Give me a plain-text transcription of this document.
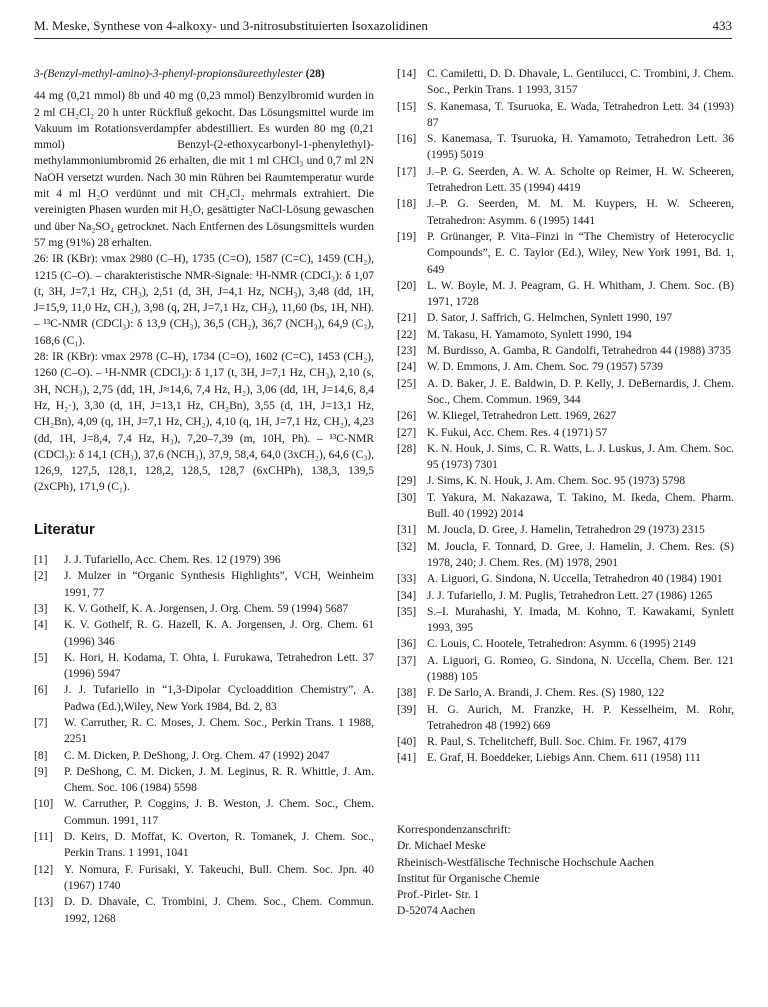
M. Meske, Synthese von 4-alkoxy- und 3-nitrosubstituierten Isoxazolidinen	433

3-(Benzyl-methyl-amino)-3-phenyl-propionsäureethylester (28)

44 mg (0,21 mmol) 8b und 40 mg (0,23 mmol) Benzylbromid wurden in 2 ml CH₂Cl₂ 20 h unter Rückfluß gekocht. Das Lösungsmittel wurde im Vakuum im Rotationsverdampfer abdestilliert. Es wurden 80 mg (0,21 mmol) Benzyl-(2-ethoxycarbonyl-1-phenylethyl)-methylammoniumbromid 26 erhalten, die mit 1 ml CHCl₃ und 0,7 ml 2N NaOH versetzt wurden. Nach 30 min Rühren bei Raumtemperatur wurde mit 4 ml H₂O verdünnt und mit CH₂Cl₂ mehrmals extrahiert. Die vereinigten Phasen wurden mit H₂O, gesättigter NaCl-Lösung gewaschen und über Na₂SO₄ getrocknet. Nach Entfernen des Lösungsmittels wurden 57 mg (91%) 28 erhalten.

26: IR (KBr): νmax 2980 (C–H), 1735 (C=O), 1587 (C=C), 1459 (CH₂), 1215 (C–O). – charakteristische NMR-Signale: ¹H-NMR (CDCl₃): δ 1,07 (t, 3H, J=7,1 Hz, CH₃), 2,51 (d, 3H, J=4,1 Hz, NCH₃), 3,48 (dd, 1H, J=15,9, 11,0 Hz, CH₂), 3,98 (q, 2H, J=7,1 Hz, CH₂), 11,60 (bs, 1H, NH). – ¹³C-NMR (CDCl₃): δ 13,9 (CH₃), 36,5 (CH₂), 36,7 (NCH₃), 64,9 (C₃), 168,6 (C₁).

28: IR (KBr): νmax 2978 (C–H), 1734 (C=O), 1602 (C=C), 1453 (CH₂), 1260 (C–O). – ¹H-NMR (CDCl₃): δ 1,17 (t, 3H, J=7,1 Hz, CH₃), 2,10 (s, 3H, NCH₃), 2,75 (dd, 1H, J≈14,6, 7,4 Hz, H₂), 3,06 (dd, 1H, J=14,6, 8,4 Hz, H₂·), 3,30 (d, 1H, J=13,1 Hz, CH₂Bn), 3,55 (d, 1H, J=13,1 Hz, CH₂Bn), 4,09 (q, 1H, J=7,1 Hz, CH₂), 4,10 (q, 1H, J=7,1 Hz, CH₂), 4,23 (dd, 1H, J=8,4, 7,4 Hz, H₃), 7,20–7,39 (m, 10H, Ph). – ¹³C-NMR (CDCl₃): δ 14,1 (CH₃), 37,6 (NCH₃), 37,9, 58,4, 64,0 (3xCH₂), 64,6 (C₃), 126,9, 127,5, 128,1, 128,2, 128,5, 128,7 (6xCHPh), 138,3, 139,5 (2xCPh), 171,9 (C₁).

Literatur
[1] J. J. Tufariello, Acc. Chem. Res. 12 (1979) 396
[2] J. Mulzer in “Organic Synthesis Highlights”, VCH, Weinheim 1991, 77
[3] K. V. Gothelf, K. A. Jorgensen, J. Org. Chem. 59 (1994) 5687
[4] K. V. Gothelf, R. G. Hazell, K. A. Jorgensen, J. Org. Chem. 61 (1996) 346
[5] K. Hori, H. Kodama, T. Ohta, I. Furukawa, Tetrahedron Lett. 37 (1996) 5947
[6] J. J. Tufariello in “1,3-Dipolar Cycloaddition Chemistry”, A. Padwa (Ed.),Wiley, New York 1984, Bd. 2, 83
[7] W. Carruther, R. C. Moses, J. Chem. Soc., Perkin Trans. 1 1988, 2251
[8] C. M. Dicken, P. DeShong, J. Org. Chem. 47 (1992) 2047
[9] P. DeShong, C. M. Dicken, J. M. Leginus, R. R. Whittle, J. Am. Chem. Soc. 106 (1984) 5598
[10] W. Carruther, P. Coggins, J. B. Weston, J. Chem. Soc., Chem. Commun. 1991, 117
[11] D. Keirs, D. Moffat, K. Overton, R. Tomanek, J. Chem. Soc., Perkin Trans. 1 1991, 1041
[12] Y. Nomura, F. Furisaki, Y. Takeuchi, Bull. Chem. Soc. Jpn. 40 (1967) 1740
[13] D. D. Dhavale, C. Trombini, J. Chem. Soc., Chem. Commun. 1992, 1268
[14] C. Camiletti, D. D. Dhavale, L. Gentilucci, C. Trombini, J. Chem. Soc., Perkin Trans. 1 1993, 3157
[15] S. Kanemasa, T. Tsuruoka, E. Wada, Tetrahedron Lett. 34 (1993) 87
[16] S. Kanemasa, T. Tsuruoka, H. Yamamoto, Tetrahedron Lett. 36 (1995) 5019
[17] J.–P. G. Seerden, A. W. A. Scholte op Reimer, H. W. Scheeren, Tetrahedron Lett. 35 (1994) 4419
[18] J.–P. G. Seerden, M. M. M. Kuypers, H. W. Scheeren, Tetrahedron: Asymm. 6 (1995) 1441
[19] P. Grünanger, P. Vita–Finzi in “The Chemistry of Heterocyclic Compounds”, E. C. Taylor (Ed.), Wiley, New York 1991, Bd. 1, 649
[20] L. W. Boyle, M. J. Peagram, G. H. Whitham, J. Chem. Soc. (B) 1971, 1728
[21] D. Sator, J. Saffrich, G. Helmchen, Synlett 1990, 197
[22] M. Takasu, H. Yamamoto, Synlett 1990, 194
[23] M. Burdisso, A. Gamba, R. Gandolfi, Tetrahedron 44 (1988) 3735
[24] W. D. Emmons, J. Am. Chem. Soc. 79 (1957) 5739
[25] A. D. Baker, J. E. Baldwin, D. P. Kelly, J. DeBernardis, J. Chem. Soc., Chem. Commun. 1969, 344
[26] W. Kliegel, Tetrahedron Lett. 1969, 2627
[27] K. Fukui, Acc. Chem. Res. 4 (1971) 57
[28] K. N. Houk, J. Sims, C. R. Watts, L. J. Luskus, J. Am. Chem. Soc. 95 (1973) 7301
[29] J. Sims, K. N. Houk, J. Am. Chem. Soc. 95 (1973) 5798
[30] T. Yakura, M. Nakazawa, T. Takino, M. Ikeda, Chem. Pharm. Bull. 40 (1992) 2014
[31] M. Joucla, D. Gree, J. Hamelin, Tetrahedron 29 (1973) 2315
[32] M. Joucla, F. Tonnard, D. Gree, J. Hamelin, J. Chem. Res. (S) 1978, 240; J. Chem. Res. (M) 1978, 2901
[33] A. Liguori, G. Sindona, N. Uccella, Tetrahedron 40 (1984) 1901
[34] J. J. Tufariello, J. M. Puglis, Tetrahedron Lett. 27 (1986) 1265
[35] S.–I. Murahashi, Y. Imada, M. Kohno, T. Kawakami, Synlett 1993, 395
[36] C. Louis, C. Hootele, Tetrahedron: Asymm. 6 (1995) 2149
[37] A. Liguori, G. Romeo, G. Sindona, N. Uccella, Chem. Ber. 121 (1988) 105
[38] F. De Sarlo, A. Brandi, J. Chem. Res. (S) 1980, 122
[39] H. G. Aurich, M. Franzke, H. P. Kesselheim, M. Rohr, Tetrahedron 48 (1992) 669
[40] R. Paul, S. Tchelitcheff, Bull. Soc. Chim. Fr. 1967, 4179
[41] E. Graf, H. Boeddeker, Liebigs Ann. Chem. 611 (1958) 111
Korrespondenzanschrift:
Dr. Michael Meske
Rheinisch-Westfälische Technische Hochschule Aachen
Institut für Organische Chemie
Prof.-Pirlet- Str. 1
D-52074 Aachen
